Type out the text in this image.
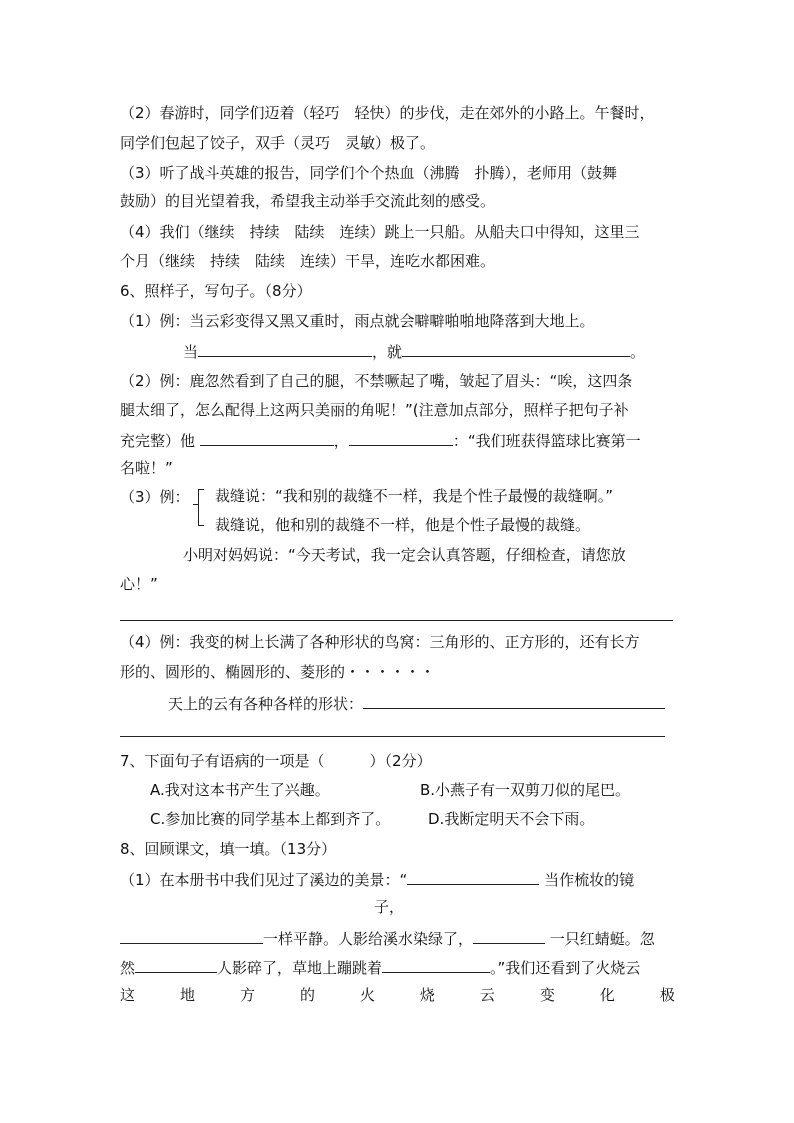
（2）春游时，同学们迈着（轻巧　轻快）的步伐，走在郊外的小路上。午餐时，
同学们包起了饺子，双手（灵巧　灵敏）极了。
（3）听了战斗英雄的报告，同学们个个热血（沸腾　扑腾），老师用（鼓舞
鼓励）的目光望着我，希望我主动举手交流此刻的感受。
（4）我们（继续　持续　陆续　连续）跳上一只船。从船夫口中得知，这里三
个月（继续　持续　陆续　连续）干旱，连吃水都困难。
6、照样子，写句子。（8分）
（1）例：当云彩变得又黑又重时，雨点就会噼噼啪啪地降落到大地上。
当	，就	。
（2）例：鹿忽然看到了自己的腿，不禁噘起了嘴，皱起了眉头：“唉，这四条
腿太细了，怎么配得上这两只美丽的角呢！”(注意加点部分，照样子把句子补
充完整）他	，	：“我们班获得篮球比赛第一
名啦！”
（3）例： 裁缝说：“我和别的裁缝不一样，我是个性子最慢的裁缝啊。”
裁缝说，他和别的裁缝不一样，他是个性子最慢的裁缝。
小明对妈妈说：“今天考试，我一定会认真答题，仔细检查，请您放
心！”
（4）例：我变的树上长满了各种形状的鸟窝：三角形的、正方形的，还有长方
形的、圆形的、椭圆形的、菱形的・・・・・・
天上的云有各种各样的形状：
7、下面句子有语病的一项是（　　　）（2分）
A.我对这本书产生了兴趣。	B.小燕子有一双剪刀似的尾巴。
C.参加比赛的同学基本上都到齐了。	D.我断定明天不会下雨。
8、回顾课文，填一填。（13分）
（1）在本册书中我们见过了溪边的美景：“	当作梳妆的镜
子，
一样平静。人影给溪水染绿了，	一只红蜻蜓。忽
然	人影碎了，草地上蹦跳着	。”我们还看到了火烧云
这	地	方	的	火	烧	云	变	化	极
